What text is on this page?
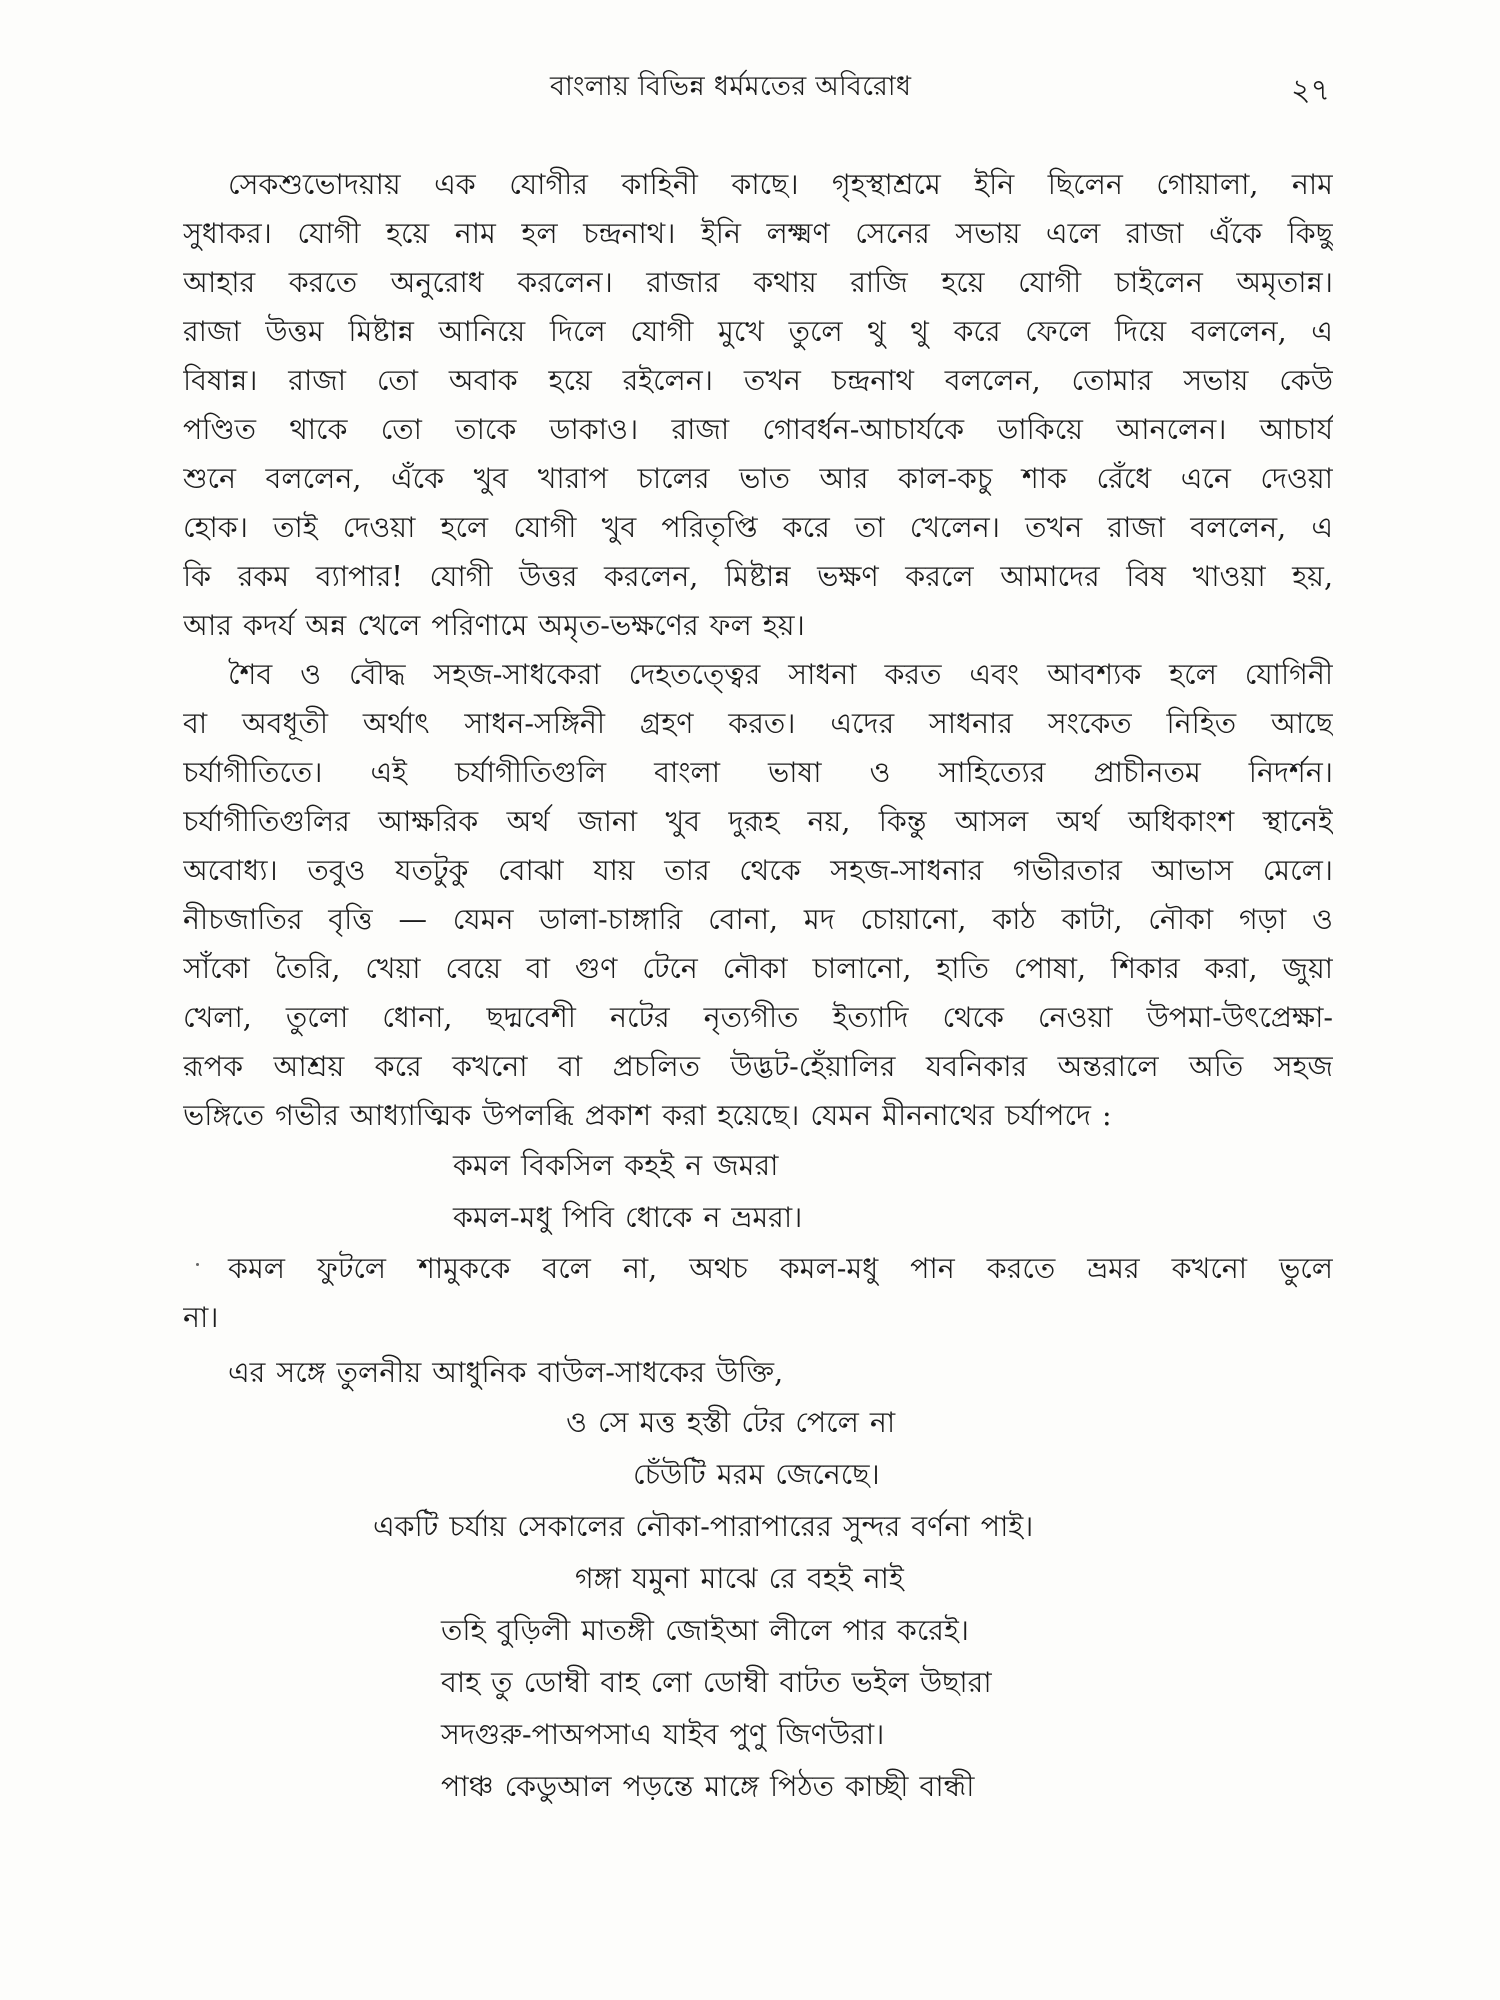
বাংলায় বিভিন্ন ধর্মমতের অবিরোধ	২৭
সেকশুভোদয়ায় এক যোগীর কাহিনী কাছে। গৃহস্থাশ্রমে ইনি ছিলেন গোয়ালা, নাম
সুধাকর। যোগী হয়ে নাম হল চন্দ্রনাথ। ইনি লক্ষ্মণ সেনের সভায় এলে রাজা এঁকে কিছু
আহার করতে অনুরোধ করলেন। রাজার কথায় রাজি হয়ে যোগী চাইলেন অমৃতান্ন।
রাজা উত্তম মিষ্টান্ন আনিয়ে দিলে যোগী মুখে তুলে থু থু করে ফেলে দিয়ে বললেন, এ
বিষান্ন। রাজা তো অবাক হয়ে রইলেন। তখন চন্দ্রনাথ বললেন, তোমার সভায় কেউ
পণ্ডিত থাকে তো তাকে ডাকাও। রাজা গোবর্ধন-আচার্যকে ডাকিয়ে আনলেন। আচার্য
শুনে বললেন, এঁকে খুব খারাপ চালের ভাত আর কাল-কচু শাক রেঁধে এনে দেওয়া
হোক। তাই দেওয়া হলে যোগী খুব পরিতৃপ্তি করে তা খেলেন। তখন রাজা বললেন, এ
কি রকম ব্যাপার! যোগী উত্তর করলেন, মিষ্টান্ন ভক্ষণ করলে আমাদের বিষ খাওয়া হয়,
আর কদর্য অন্ন খেলে পরিণামে অমৃত-ভক্ষণের ফল হয়।
শৈব ও বৌদ্ধ সহজ-সাধকেরা দেহতত্ত্বের সাধনা করত এবং আবশ্যক হলে যোগিনী
বা অবধূতী অর্থাৎ সাধন-সঙ্গিনী গ্রহণ করত। এদের সাধনার সংকেত নিহিত আছে
চর্যাগীতিতে। এই চর্যাগীতিগুলি বাংলা ভাষা ও সাহিত্যের প্রাচীনতম নিদর্শন।
চর্যাগীতিগুলির আক্ষরিক অর্থ জানা খুব দুরূহ নয়, কিন্তু আসল অর্থ অধিকাংশ স্থানেই
অবোধ্য। তবুও যতটুকু বোঝা যায় তার থেকে সহজ-সাধনার গভীরতার আভাস মেলে।
নীচজাতির বৃত্তি — যেমন ডালা-চাঙ্গারি বোনা, মদ চোয়ানো, কাঠ কাটা, নৌকা গড়া ও
সাঁকো তৈরি, খেয়া বেয়ে বা গুণ টেনে নৌকা চালানো, হাতি পোষা, শিকার করা, জুয়া
খেলা, তুলো ধোনা, ছদ্মবেশী নটের নৃত্যগীত ইত্যাদি থেকে নেওয়া উপমা-উৎপ্রেক্ষা-
রূপক আশ্রয় করে কখনো বা প্রচলিত উদ্ভট-হেঁয়ালির যবনিকার অন্তরালে অতি সহজ
ভঙ্গিতে গভীর আধ্যাত্মিক উপলব্ধি প্রকাশ করা হয়েছে। যেমন মীননাথের চর্যাপদে :
কমল বিকসিল কহই ন জমরা
কমল-মধু পিবি ধোকে ন ভ্রমরা।
কমল ফুটলে শামুককে বলে না, অথচ কমল-মধু পান করতে ভ্রমর কখনো ভুলে
না।
এর সঙ্গে তুলনীয় আধুনিক বাউল-সাধকের উক্তি,
ও সে মত্ত হস্তী টের পেলে না
চেঁউটি মরম জেনেছে।
একটি চর্যায় সেকালের নৌকা-পারাপারের সুন্দর বর্ণনা পাই।
গঙ্গা যমুনা মাঝে রে বহই নাই
তহি বুড়িলী মাতঙ্গী জোইআ লীলে পার করেই।
বাহ তু ডোম্বী বাহ লো ডোম্বী বাটত ভইল উছারা
সদগুরু-পাঅপসাএ যাইব পুণু জিণউরা।
পাঞ্চ কেডুআল পড়ন্তে মাঙ্গে পিঠত কাচ্ছী বান্ধী
